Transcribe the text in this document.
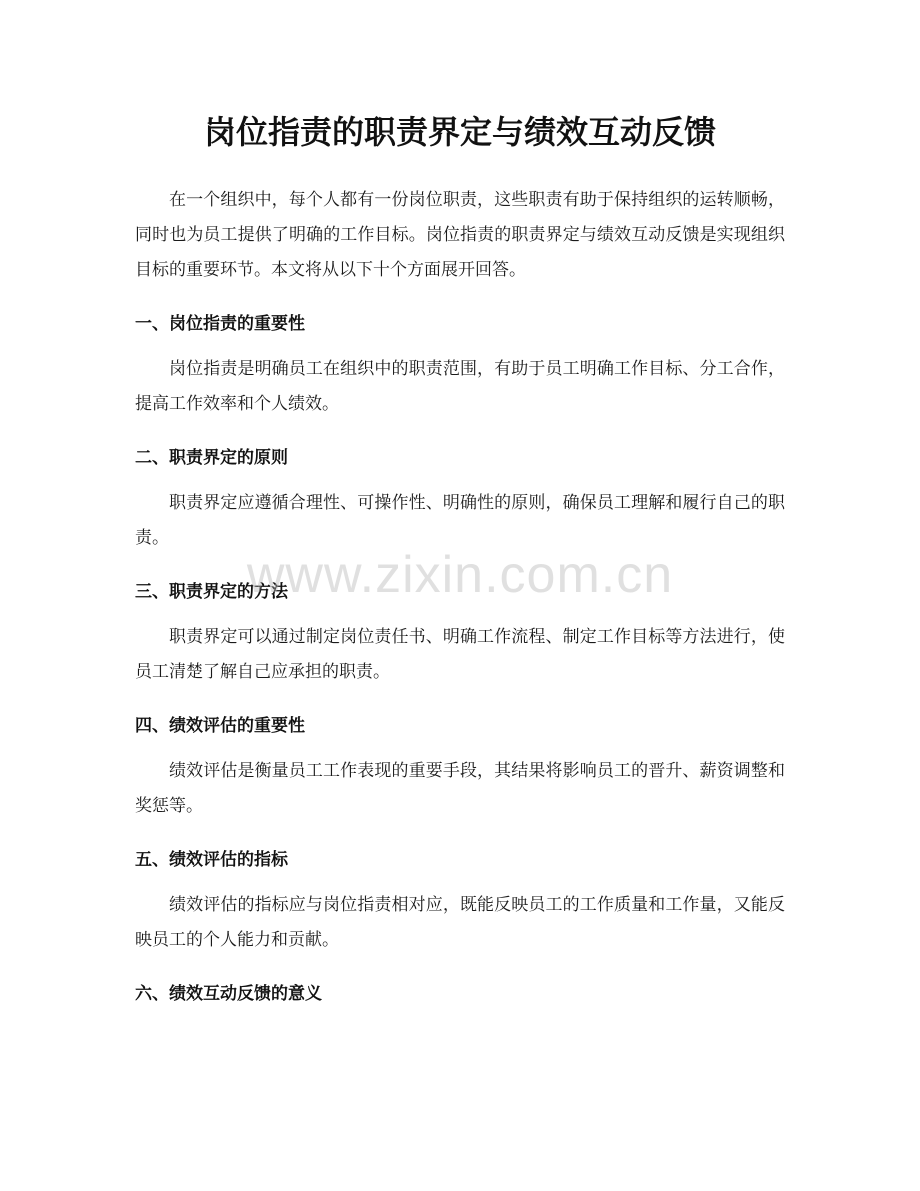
岗位指责的职责界定与绩效互动反馈

在一个组织中，每个人都有一份岗位职责，这些职责有助于保持组织的运转顺畅，同时也为员工提供了明确的工作目标。岗位指责的职责界定与绩效互动反馈是实现组织目标的重要环节。本文将从以下十个方面展开回答。

一、岗位指责的重要性

岗位指责是明确员工在组织中的职责范围，有助于员工明确工作目标、分工合作，提高工作效率和个人绩效。

二、职责界定的原则

职责界定应遵循合理性、可操作性、明确性的原则，确保员工理解和履行自己的职责。

三、职责界定的方法

职责界定可以通过制定岗位责任书、明确工作流程、制定工作目标等方法进行，使员工清楚了解自己应承担的职责。

四、绩效评估的重要性

绩效评估是衡量员工工作表现的重要手段，其结果将影响员工的晋升、薪资调整和奖惩等。

五、绩效评估的指标

绩效评估的指标应与岗位指责相对应，既能反映员工的工作质量和工作量，又能反映员工的个人能力和贡献。

六、绩效互动反馈的意义
www.zixin.com.cn
